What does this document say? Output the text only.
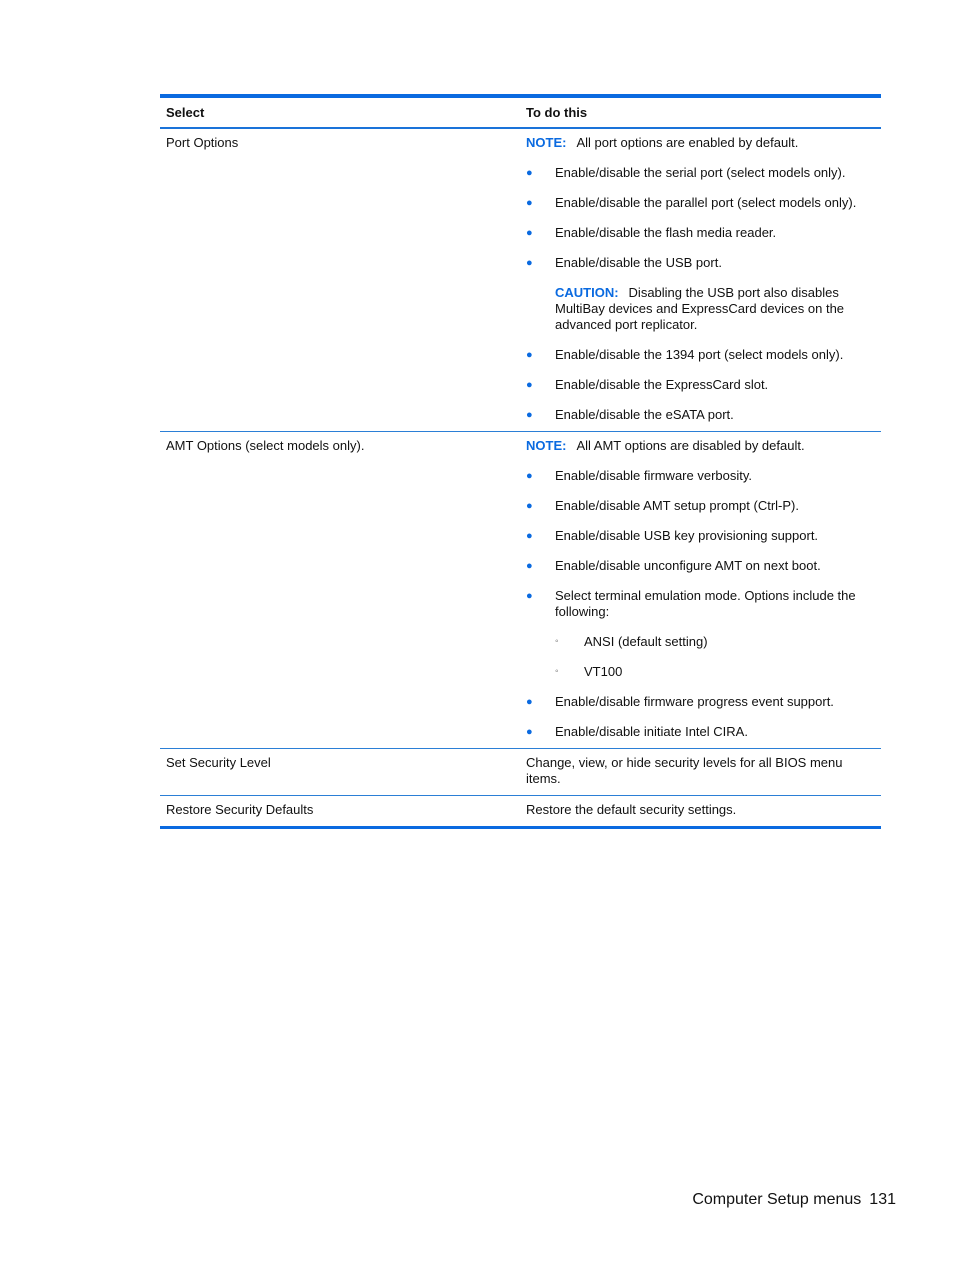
Select	To do this
Port Options	NOTE: All port options are enabled by default.
●	Enable/disable the serial port (select models only).
●	Enable/disable the parallel port (select models only).
●	Enable/disable the flash media reader.
●	Enable/disable the USB port.
CAUTION: Disabling the USB port also disables MultiBay devices and ExpressCard devices on the advanced port replicator.
●	Enable/disable the 1394 port (select models only).
●	Enable/disable the ExpressCard slot.
●	Enable/disable the eSATA port.
AMT Options (select models only).	NOTE: All AMT options are disabled by default.
●	Enable/disable firmware verbosity.
●	Enable/disable AMT setup prompt (Ctrl-P).
●	Enable/disable USB key provisioning support.
●	Enable/disable unconfigure AMT on next boot.
●	Select terminal emulation mode. Options include the following:
◦	ANSI (default setting)
◦	VT100
●	Enable/disable firmware progress event support.
●	Enable/disable initiate Intel CIRA.
Set Security Level	Change, view, or hide security levels for all BIOS menu items.
Restore Security Defaults	Restore the default security settings.
Computer Setup menus 131
